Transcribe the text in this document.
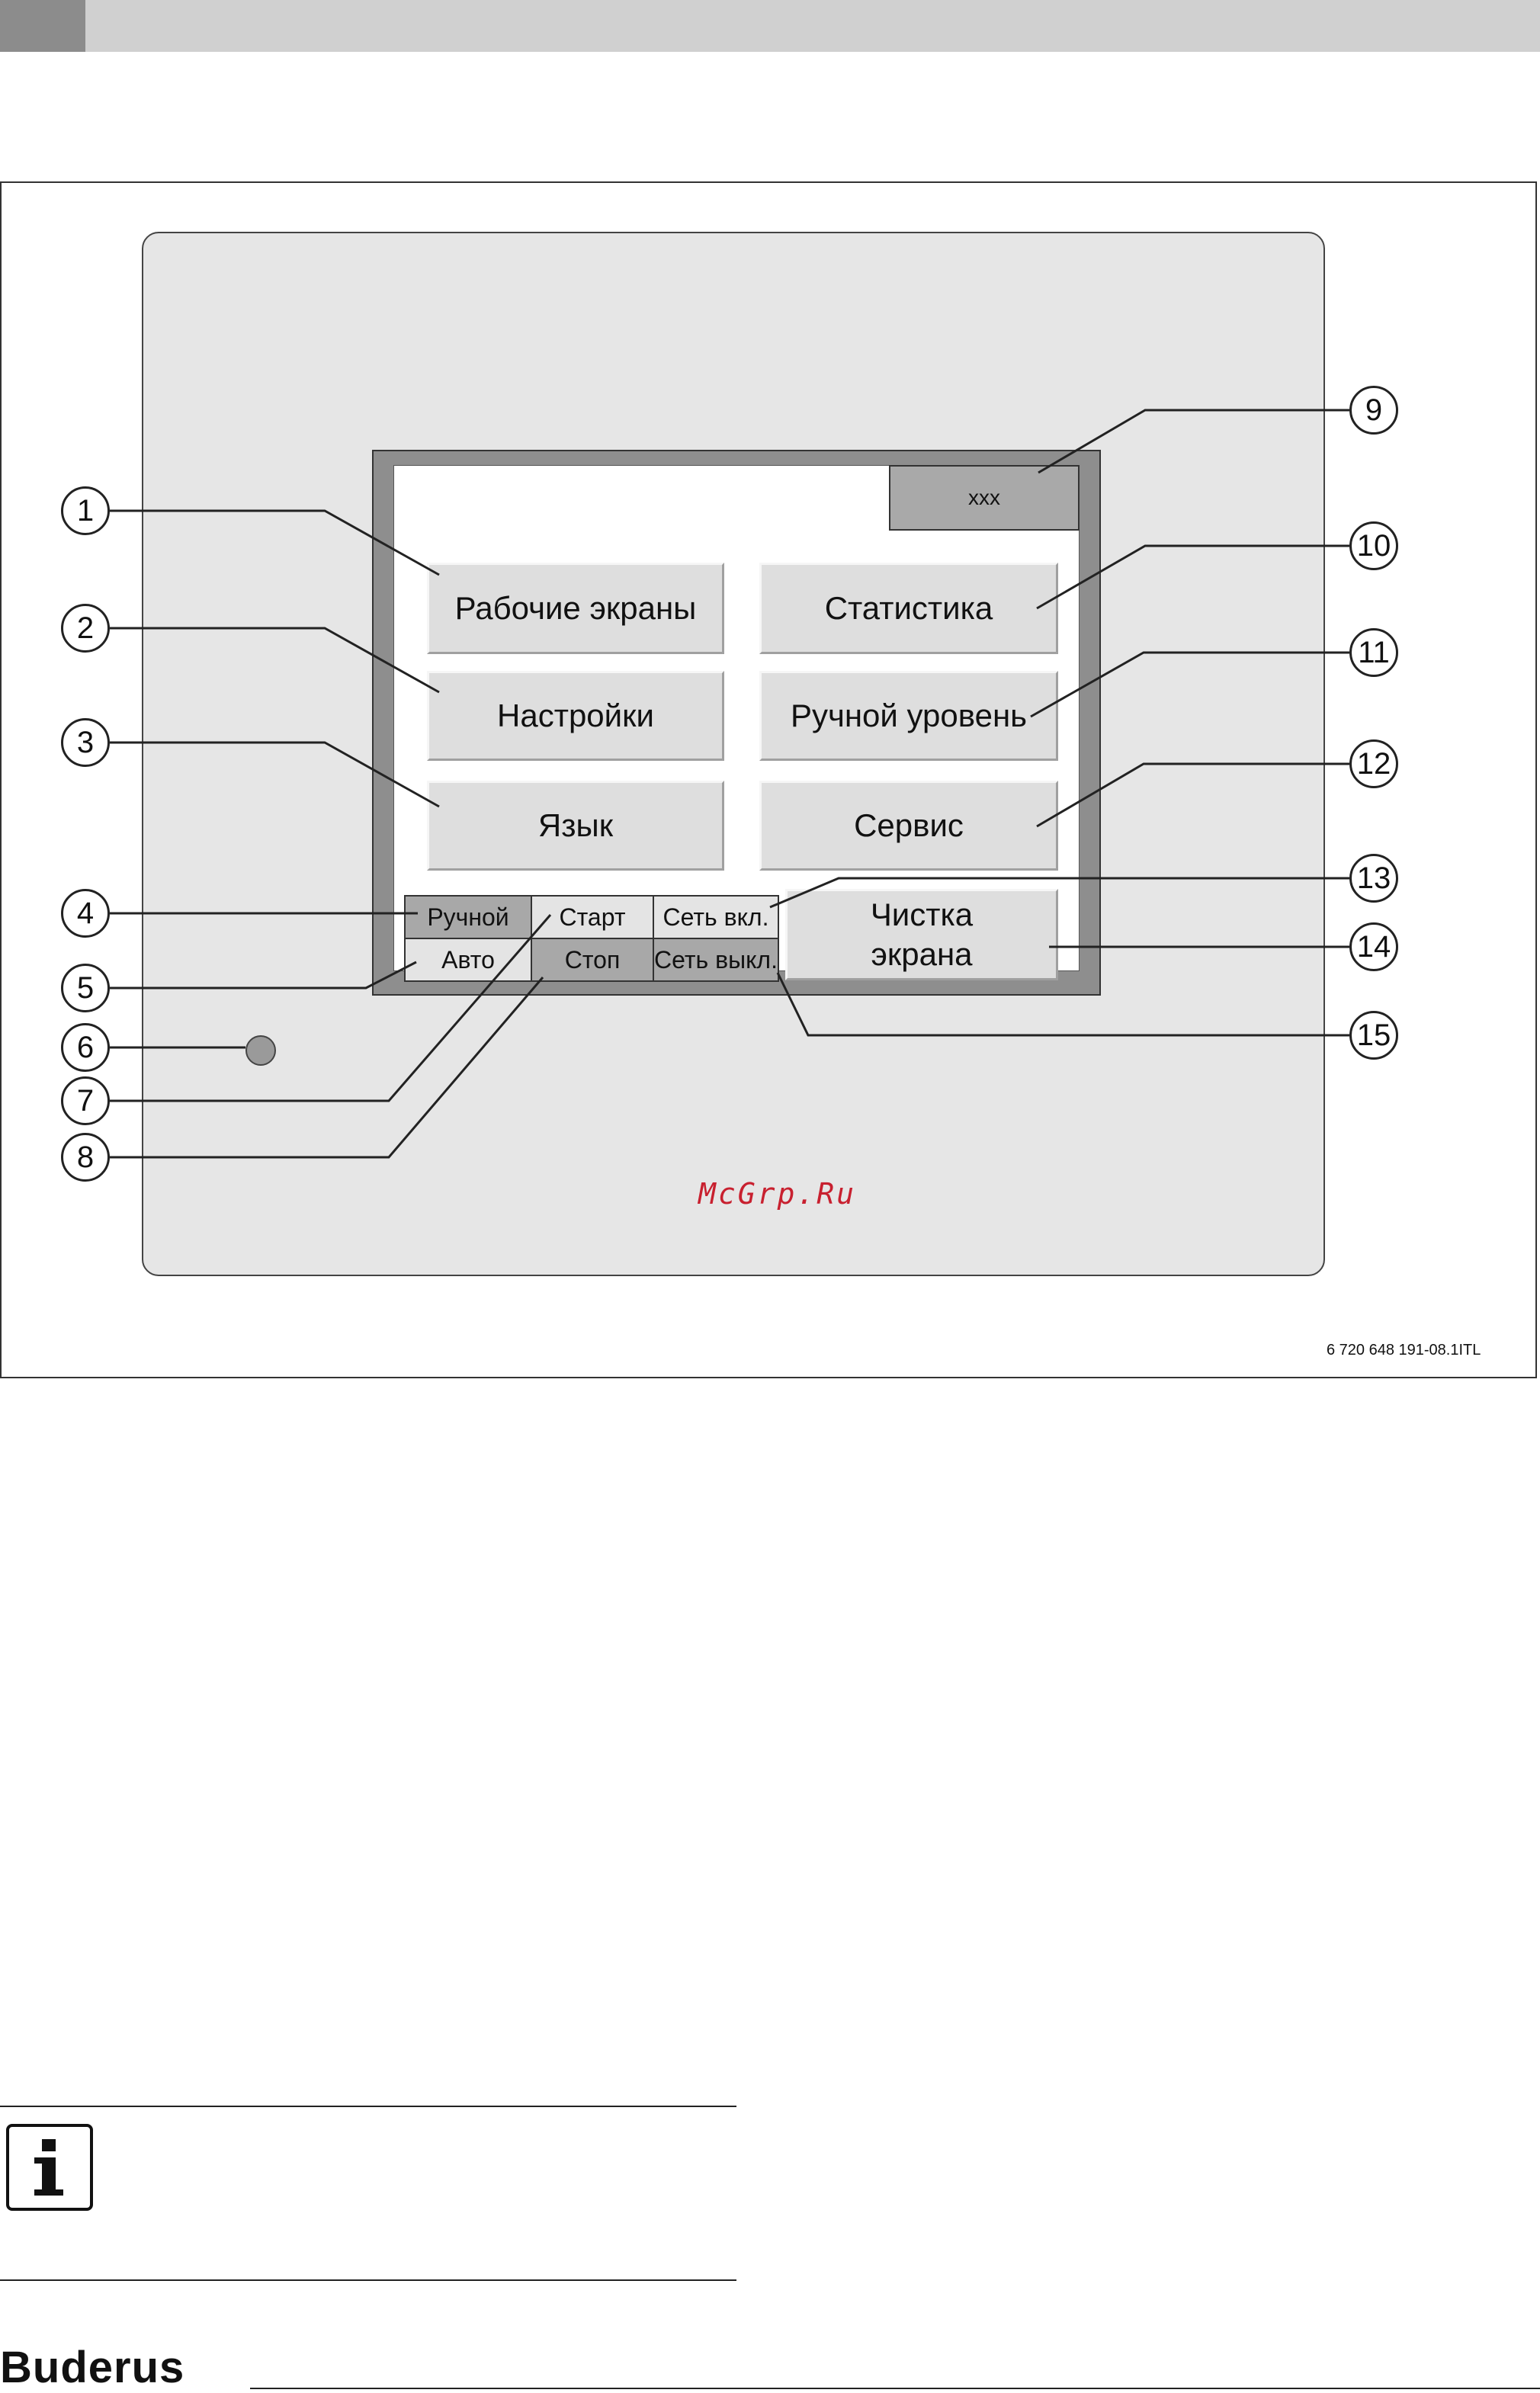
xxx
Рабочие экраны
Настройки
Язык
Статистика
Ручной уровень
Сервис
Чистка экрана
Ручной	Старт	Сеть вкл.
Авто	Стоп	Сеть выкл.
1
2
3
4
5
6
7
8
9
10
11
12
13
14
15
McGrp.Ru
6 720 648 191-08.1ITL
Buderus
